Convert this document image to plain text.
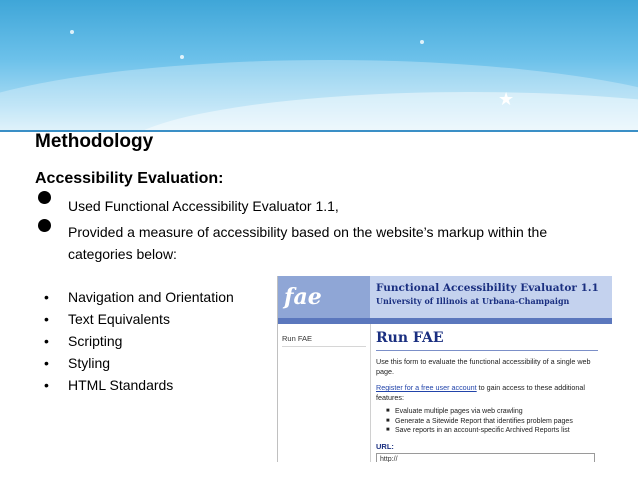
★
Methodology
Accessibility Evaluation:
Used Functional Accessibility Evaluator 1.1,
Provided a measure of accessibility based on the website’s markup within the categories below:
•	Navigation and Orientation
•	Text Equivalents
•	Scripting
•	Styling
•	HTML Standards
fae	Functional Accessibility Evaluator 1.1
University of Illinois at Urbana-Champaign
Run FAE	Run FAE
Use this form to evaluate the functional accessibility of a single web page.
Register for a free user account to gain access to these additional features:
■ Evaluate multiple pages via web crawling
■ Generate a Sitewide Report that identifies problem pages
■ Save reports in an account-specific Archived Reports list
URL:
http://
